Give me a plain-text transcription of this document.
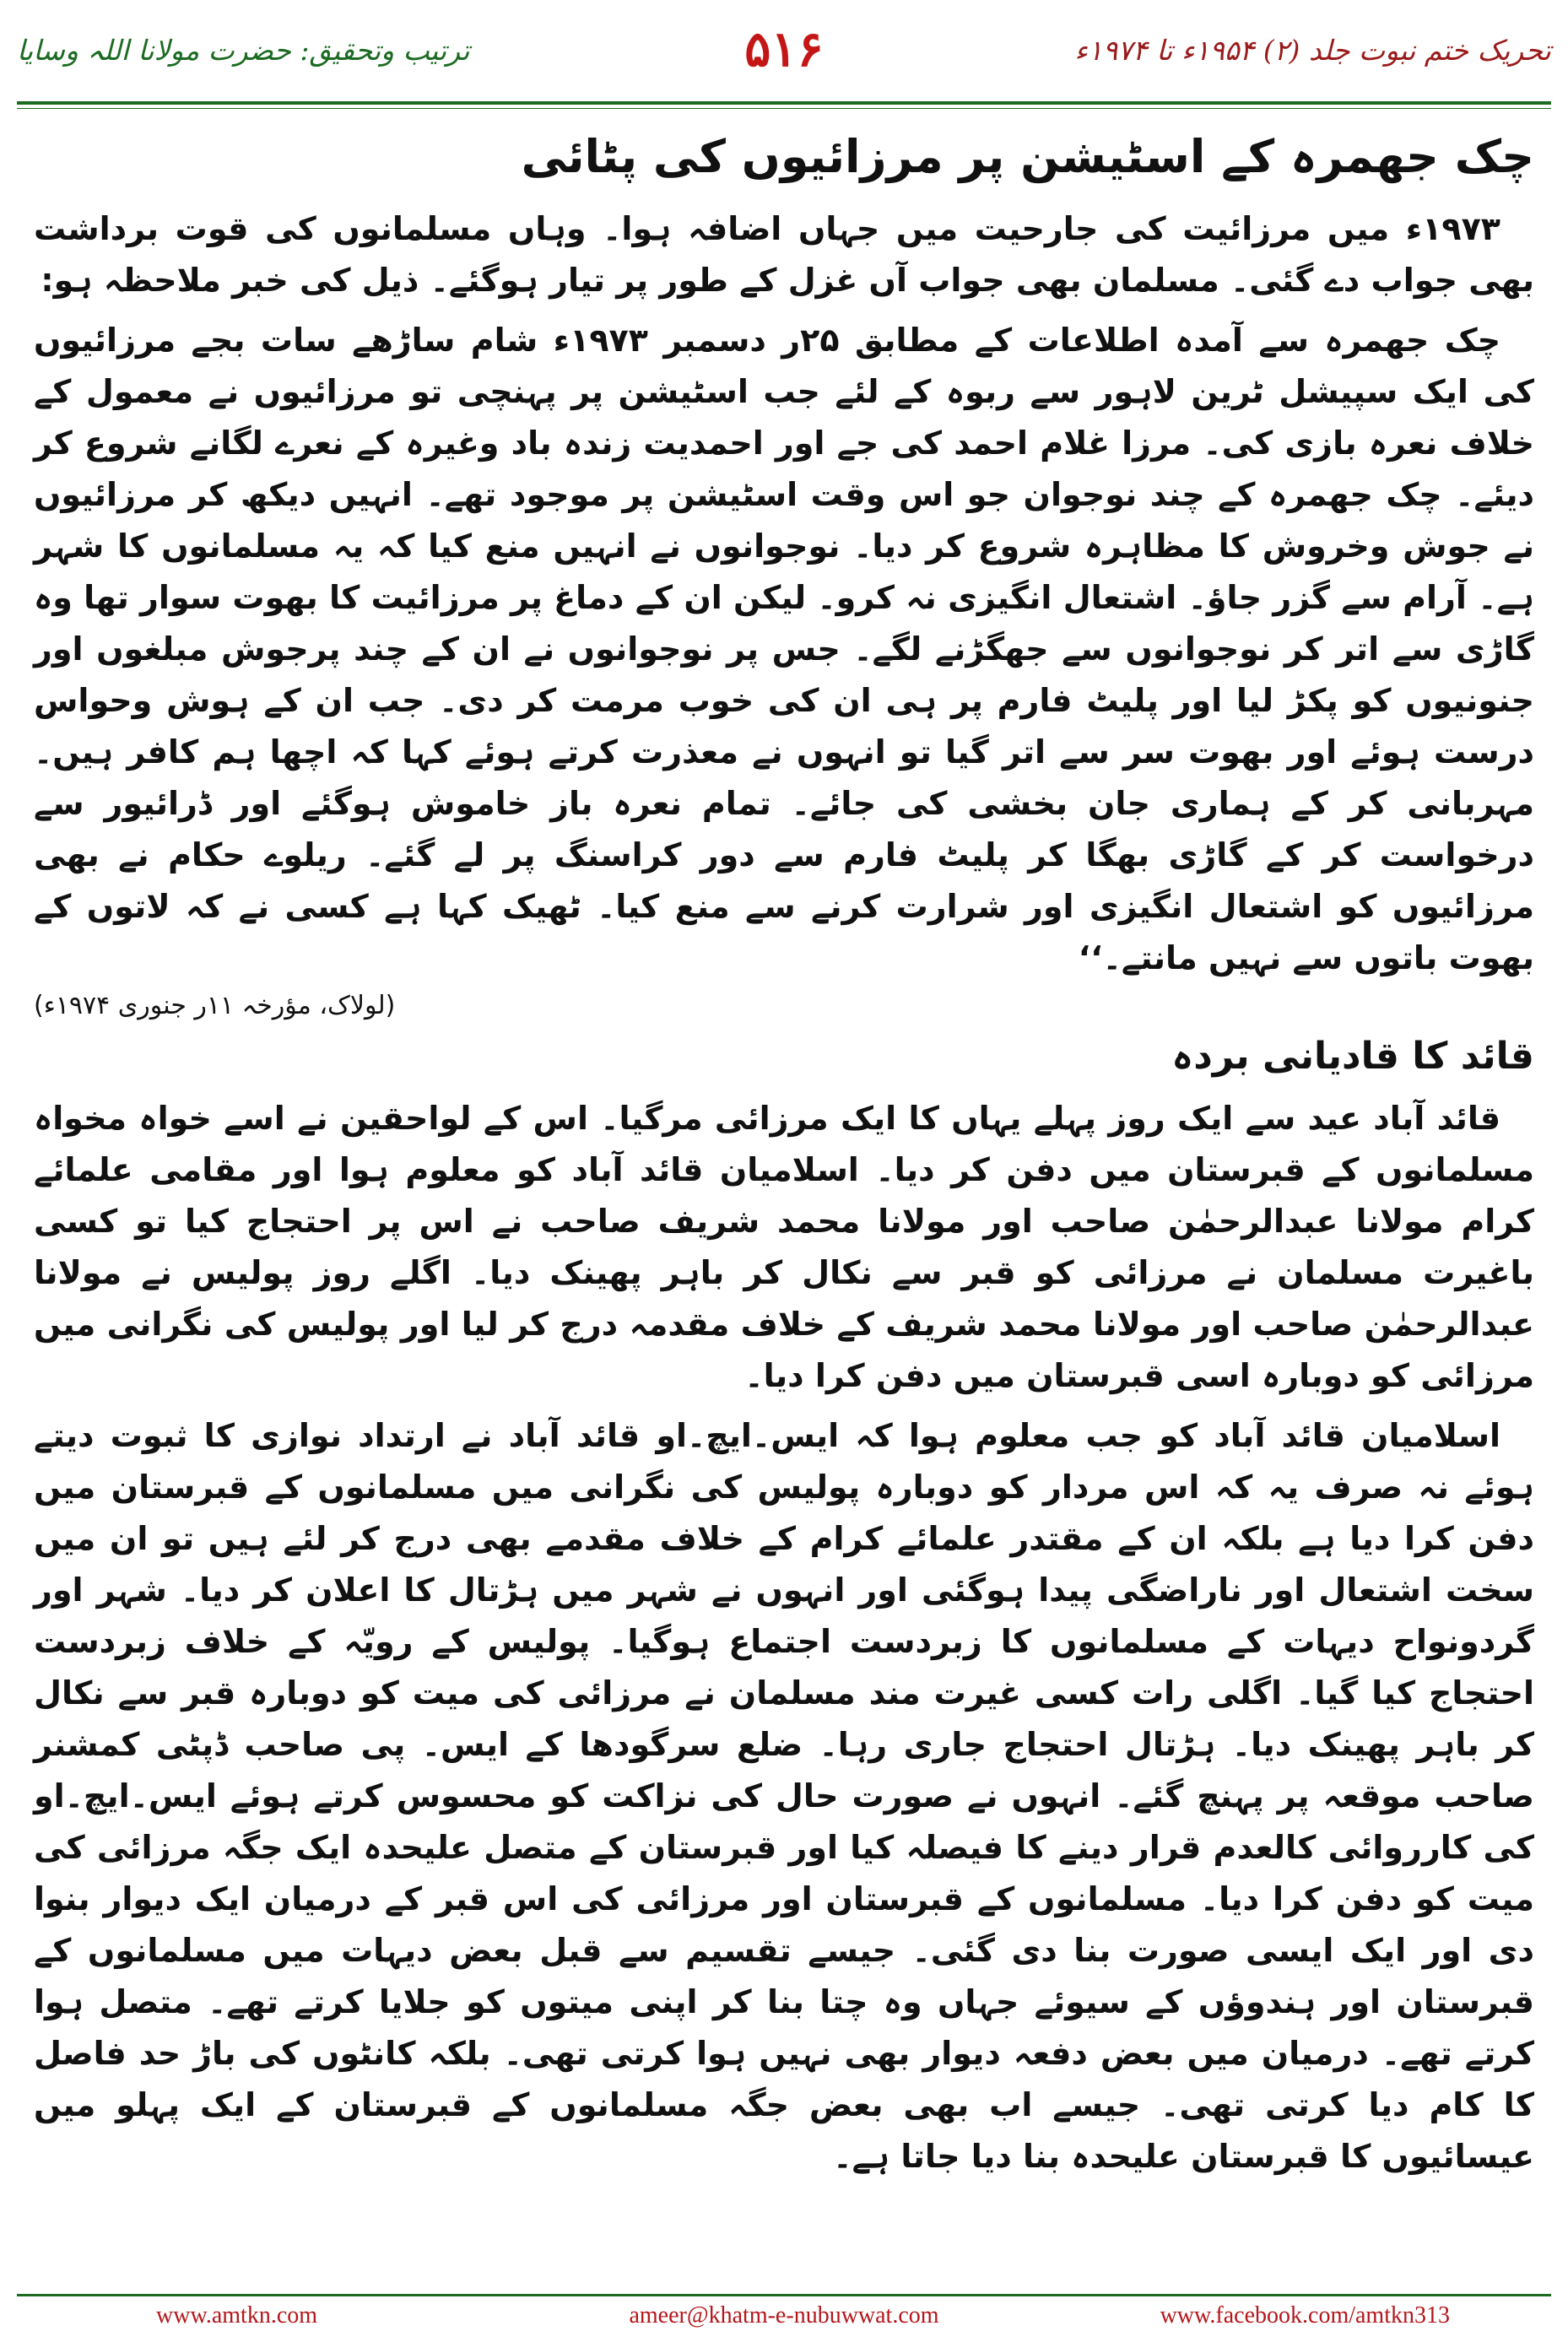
ترتیب وتحقیق: حضرت مولانا اللہ وسایا	۵۱۶	تحریک ختم نبوت جلد (۲) ۱۹۵۴ء تا ۱۹۷۴ء
چک جھمرہ کے اسٹیشن پر مرزائیوں کی پٹائی

۱۹۷۳ء میں مرزائیت کی جارحیت میں جہاں اضافہ ہوا۔ وہاں مسلمانوں کی قوت برداشت بھی جواب دے گئی۔ مسلمان بھی جواب آں غزل کے طور پر تیار ہوگئے۔ ذیل کی خبر ملاحظہ ہو:

چک جھمرہ سے آمدہ اطلاعات کے مطابق ۲۵ر دسمبر ۱۹۷۳ء شام ساڑھے سات بجے مرزائیوں کی ایک سپیشل ٹرین لاہور سے ربوہ کے لئے جب اسٹیشن پر پہنچی تو مرزائیوں نے معمول کے خلاف نعرہ بازی کی۔ مرزا غلام احمد کی جے اور احمدیت زندہ باد وغیرہ کے نعرے لگانے شروع کر دیئے۔ چک جھمرہ کے چند نوجوان جو اس وقت اسٹیشن پر موجود تھے۔ انہیں دیکھ کر مرزائیوں نے جوش وخروش کا مظاہرہ شروع کر دیا۔ نوجوانوں نے انہیں منع کیا کہ یہ مسلمانوں کا شہر ہے۔ آرام سے گزر جاؤ۔ اشتعال انگیزی نہ کرو۔ لیکن ان کے دماغ پر مرزائیت کا بھوت سوار تھا وہ گاڑی سے اتر کر نوجوانوں سے جھگڑنے لگے۔ جس پر نوجوانوں نے ان کے چند پرجوش مبلغوں اور جنونیوں کو پکڑ لیا اور پلیٹ فارم پر ہی ان کی خوب مرمت کر دی۔ جب ان کے ہوش وحواس درست ہوئے اور بھوت سر سے اتر گیا تو انہوں نے معذرت کرتے ہوئے کہا کہ اچھا ہم کافر ہیں۔ مہربانی کر کے ہماری جان بخشی کی جائے۔ تمام نعرہ باز خاموش ہوگئے اور ڈرائیور سے درخواست کر کے گاڑی بھگا کر پلیٹ فارم سے دور کراسنگ پر لے گئے۔ ریلوے حکام نے بھی مرزائیوں کو اشتعال انگیزی اور شرارت کرنے سے منع کیا۔ ٹھیک کہا ہے کسی نے کہ لاتوں کے بھوت باتوں سے نہیں مانتے۔‘‘

(لولاک، مؤرخہ ۱۱ر جنوری ۱۹۷۴ء)
قائد کا قادیانی بردہ

قائد آباد عید سے ایک روز پہلے یہاں کا ایک مرزائی مرگیا۔ اس کے لواحقین نے اسے خواہ مخواہ مسلمانوں کے قبرستان میں دفن کر دیا۔ اسلامیان قائد آباد کو معلوم ہوا اور مقامی علمائے کرام مولانا عبدالرحمٰن صاحب اور مولانا محمد شریف صاحب نے اس پر احتجاج کیا تو کسی باغیرت مسلمان نے مرزائی کو قبر سے نکال کر باہر پھینک دیا۔ اگلے روز پولیس نے مولانا عبدالرحمٰن صاحب اور مولانا محمد شریف کے خلاف مقدمہ درج کر لیا اور پولیس کی نگرانی میں مرزائی کو دوبارہ اسی قبرستان میں دفن کرا دیا۔

اسلامیان قائد آباد کو جب معلوم ہوا کہ ایس۔ایچ۔او قائد آباد نے ارتداد نوازی کا ثبوت دیتے ہوئے نہ صرف یہ کہ اس مردار کو دوبارہ پولیس کی نگرانی میں مسلمانوں کے قبرستان میں دفن کرا دیا ہے بلکہ ان کے مقتدر علمائے کرام کے خلاف مقدمے بھی درج کر لئے ہیں تو ان میں سخت اشتعال اور ناراضگی پیدا ہوگئی اور انہوں نے شہر میں ہڑتال کا اعلان کر دیا۔ شہر اور گردونواح دیہات کے مسلمانوں کا زبردست اجتماع ہوگیا۔ پولیس کے رویّہ کے خلاف زبردست احتجاج کیا گیا۔ اگلی رات کسی غیرت مند مسلمان نے مرزائی کی میت کو دوبارہ قبر سے نکال کر باہر پھینک دیا۔ ہڑتال احتجاج جاری رہا۔ ضلع سرگودھا کے ایس۔ پی صاحب ڈپٹی کمشنر صاحب موقعہ پر پہنچ گئے۔ انہوں نے صورت حال کی نزاکت کو محسوس کرتے ہوئے ایس۔ایچ۔او کی کارروائی کالعدم قرار دینے کا فیصلہ کیا اور قبرستان کے متصل علیحدہ ایک جگہ مرزائی کی میت کو دفن کرا دیا۔ مسلمانوں کے قبرستان اور مرزائی کی اس قبر کے درمیان ایک دیوار بنوا دی اور ایک ایسی صورت بنا دی گئی۔ جیسے تقسیم سے قبل بعض دیہات میں مسلمانوں کے قبرستان اور ہندوؤں کے سیوئے جہاں وہ چتا بنا کر اپنی میتوں کو جلایا کرتے تھے۔ متصل ہوا کرتے تھے۔ درمیان میں بعض دفعہ دیوار بھی نہیں ہوا کرتی تھی۔ بلکہ کانٹوں کی باڑ حد فاصل کا کام دیا کرتی تھی۔ جیسے اب بھی بعض جگہ مسلمانوں کے قبرستان کے ایک پہلو میں عیسائیوں کا قبرستان علیحدہ بنا دیا جاتا ہے۔

www.amtkn.com	ameer@khatm-e-nubuwwat.com	www.facebook.com/amtkn313
